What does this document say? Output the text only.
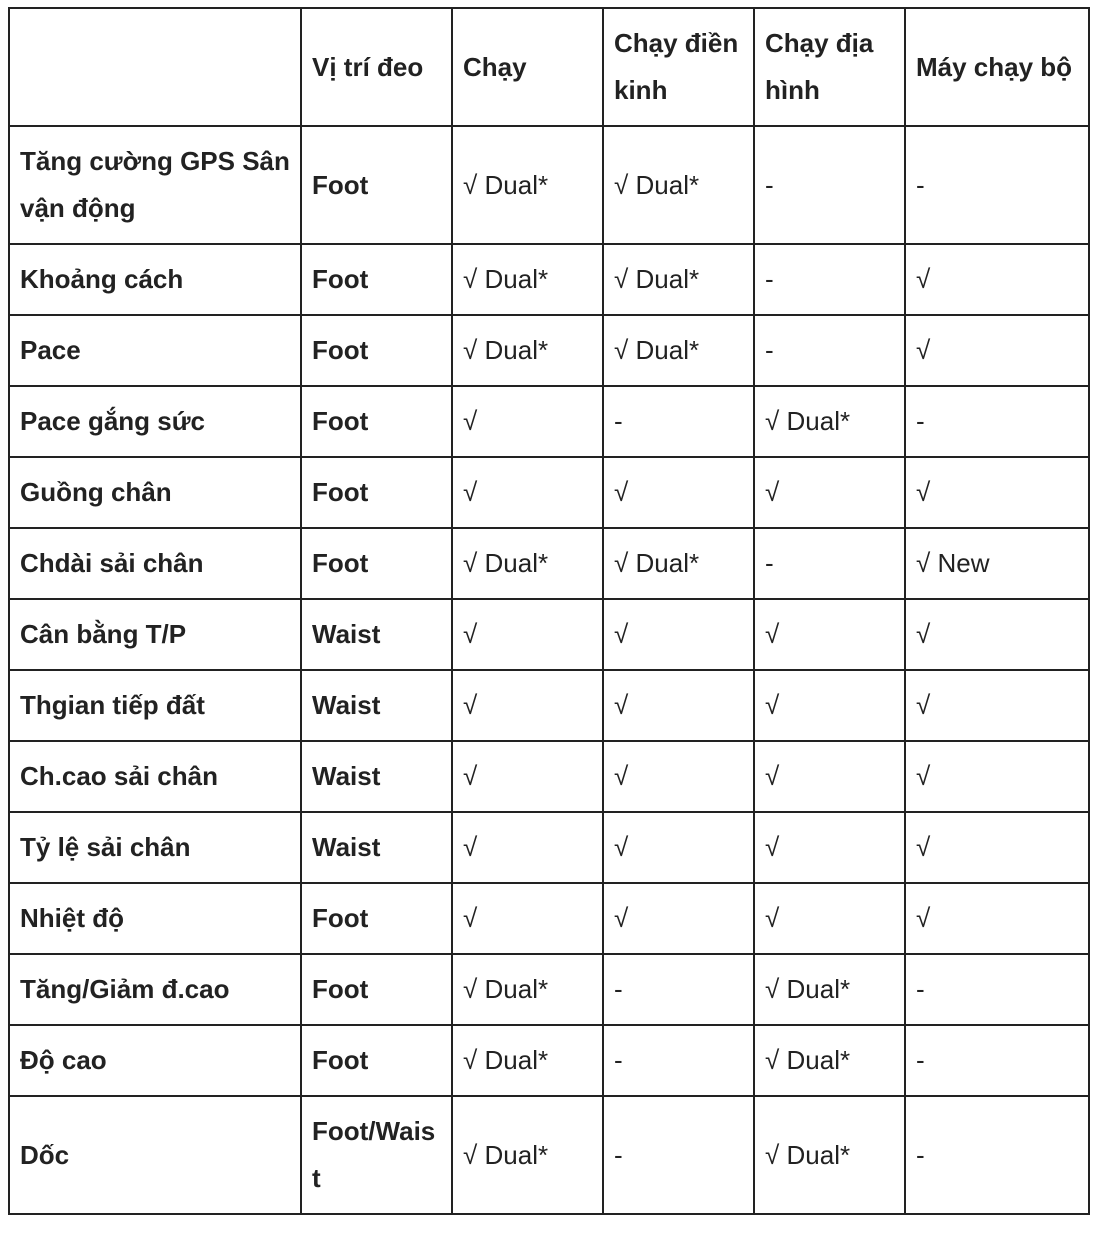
	Vị trí đeo	Chạy	Chạy điền kinh	Chạy địa hình	Máy chạy bộ
Tăng cường GPS Sân vận động	Foot	√ Dual*	√ Dual*	-	-
Khoảng cách	Foot	√ Dual*	√ Dual*	-	√
Pace	Foot	√ Dual*	√ Dual*	-	√
Pace gắng sức	Foot	√	-	√ Dual*	-
Guồng chân	Foot	√	√	√	√
Chdài sải chân	Foot	√ Dual*	√ Dual*	-	√ New
Cân bằng T/P	Waist	√	√	√	√
Thgian tiếp đất	Waist	√	√	√	√
Ch.cao sải chân	Waist	√	√	√	√
Tỷ lệ sải chân	Waist	√	√	√	√
Nhiệt độ	Foot	√	√	√	√
Tăng/Giảm đ.cao	Foot	√ Dual*	-	√ Dual*	-
Độ cao	Foot	√ Dual*	-	√ Dual*	-
Dốc	Foot/Waist	√ Dual*	-	√ Dual*	-
